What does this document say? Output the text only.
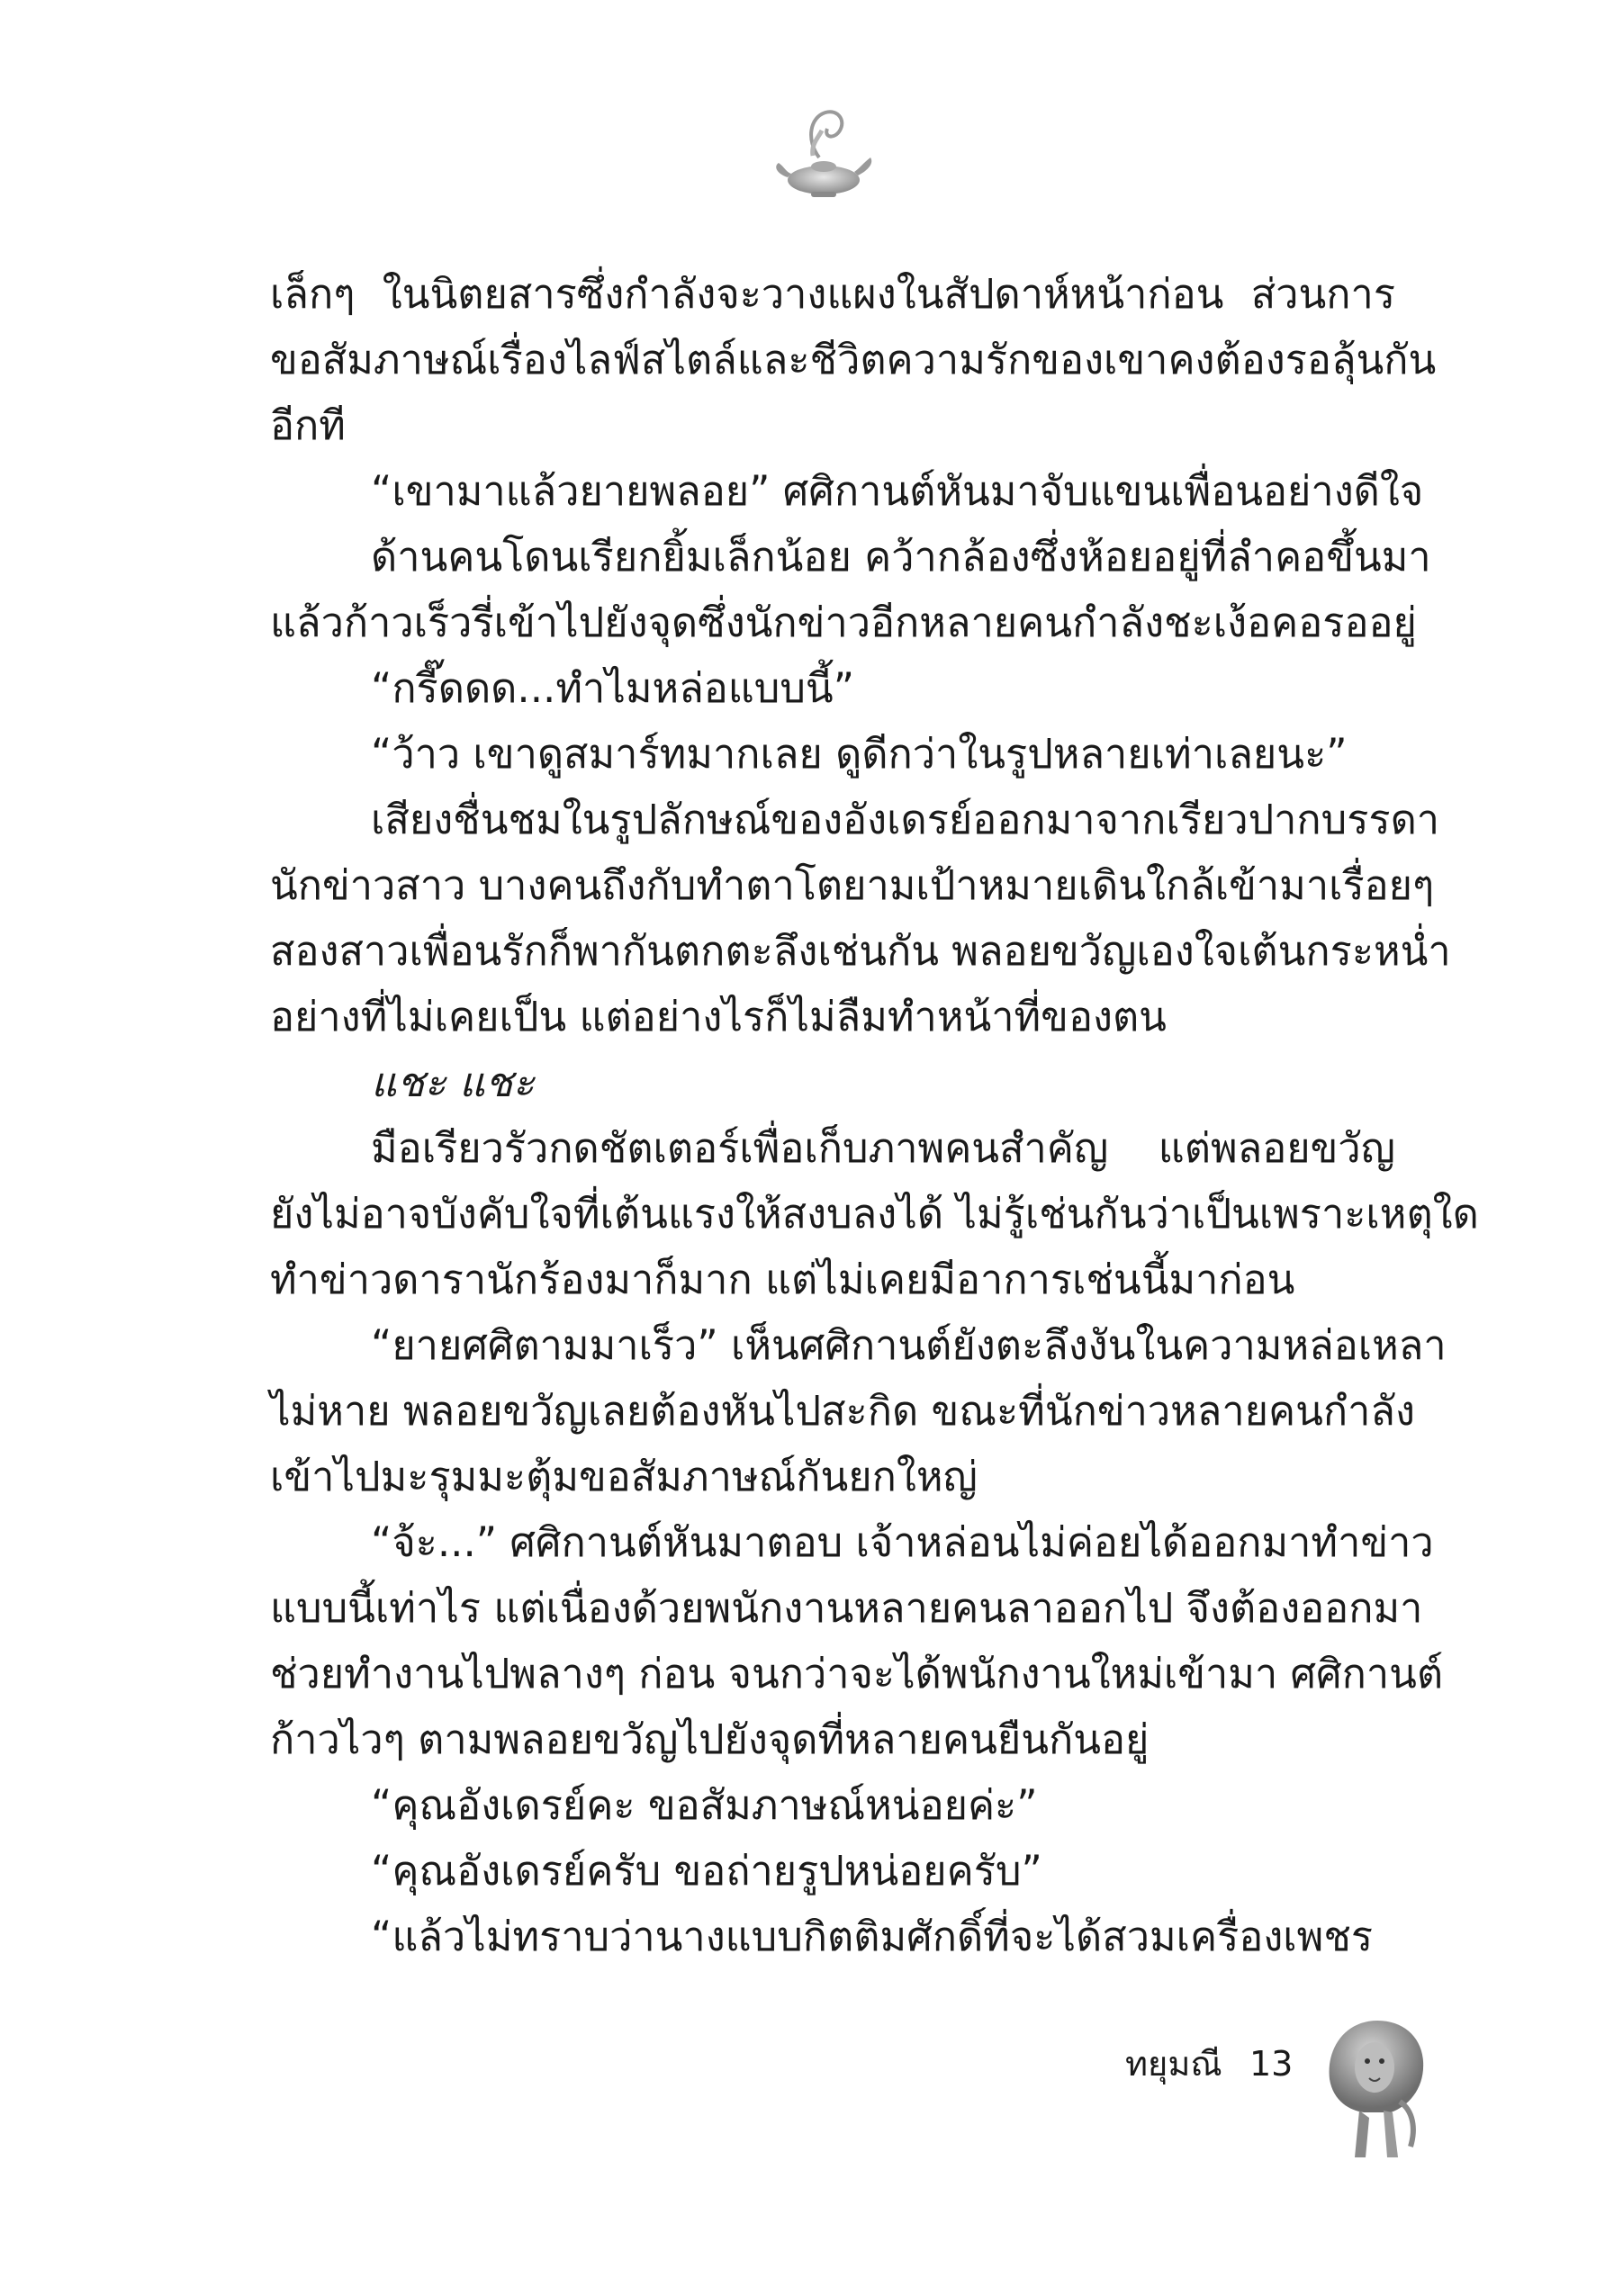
เล็กๆ ในนิตยสารซึ่งกำลังจะวางแผงในสัปดาห์หน้าก่อน ส่วนการ
ขอสัมภาษณ์เรื่องไลฟ์สไตล์และชีวิตความรักของเขาคงต้องรอลุ้นกัน
อีกที
“เขามาแล้วยายพลอย” ศศิกานต์หันมาจับแขนเพื่อนอย่างดีใจ
ด้านคนโดนเรียกยิ้มเล็กน้อย คว้ากล้องซึ่งห้อยอยู่ที่ลำคอขึ้นมา
แล้วก้าวเร็วรี่เข้าไปยังจุดซึ่งนักข่าวอีกหลายคนกำลังชะเง้อคอรออยู่
“กรี๊ดดด...ทำไมหล่อแบบนี้”
“ว้าว เขาดูสมาร์ทมากเลย ดูดีกว่าในรูปหลายเท่าเลยนะ”
เสียงชื่นชมในรูปลักษณ์ของอังเดรย์ออกมาจากเรียวปากบรรดา
นักข่าวสาว บางคนถึงกับทำตาโตยามเป้าหมายเดินใกล้เข้ามาเรื่อยๆ
สองสาวเพื่อนรักก็พากันตกตะลึงเช่นกัน พลอยขวัญเองใจเต้นกระหน่ำ
อย่างที่ไม่เคยเป็น แต่อย่างไรก็ไม่ลืมทำหน้าที่ของตน
แชะ แชะ
มือเรียวรัวกดชัตเตอร์เพื่อเก็บภาพคนสำคัญ แต่พลอยขวัญ
ยังไม่อาจบังคับใจที่เต้นแรงให้สงบลงได้ ไม่รู้เช่นกันว่าเป็นเพราะเหตุใด
ทำข่าวดารานักร้องมาก็มาก แต่ไม่เคยมีอาการเช่นนี้มาก่อน
“ยายศศิตามมาเร็ว” เห็นศศิกานต์ยังตะลึงงันในความหล่อเหลา
ไม่หาย พลอยขวัญเลยต้องหันไปสะกิด ขณะที่นักข่าวหลายคนกำลัง
เข้าไปมะรุมมะตุ้มขอสัมภาษณ์กันยกใหญ่
“จ้ะ...” ศศิกานต์หันมาตอบ เจ้าหล่อนไม่ค่อยได้ออกมาทำข่าว
แบบนี้เท่าไร แต่เนื่องด้วยพนักงานหลายคนลาออกไป จึงต้องออกมา
ช่วยทำงานไปพลางๆ ก่อน จนกว่าจะได้พนักงานใหม่เข้ามา ศศิกานต์
ก้าวไวๆ ตามพลอยขวัญไปยังจุดที่หลายคนยืนกันอยู่
“คุณอังเดรย์คะ ขอสัมภาษณ์หน่อยค่ะ”
“คุณอังเดรย์ครับ ขอถ่ายรูปหน่อยครับ”
“แล้วไม่ทราบว่านางแบบกิตติมศักดิ์ที่จะได้สวมเครื่องเพชร
ทยุมณี 13
